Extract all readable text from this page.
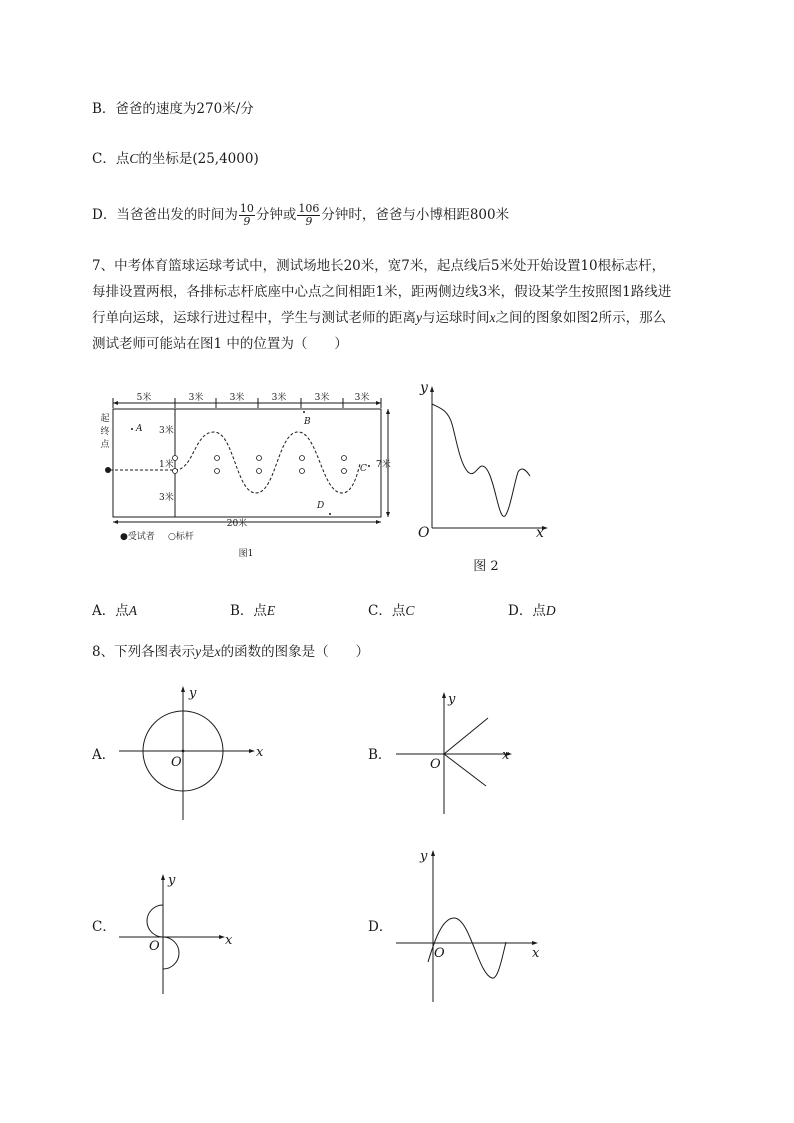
B．爸爸的速度为270米/分
C．点C的坐标是(25,4000)
D．当爸爸出发的时间为 $\frac{10}{9}$ 分钟或 $\frac{106}{9}$ 分钟时，爸爸与小博相距800米
7、中考体育篮球运球考试中，测试场地长20米，宽7米，起点线后5米处开始设置10根标志杆，
每排设置两根，各排标志杆底座中心点之间相距1米，距两侧边线3米，假设某学生按照图1路线进
行单向运球，运球行进过程中，学生与测试老师的距离y与运球时间x之间的图象如图2所示，那么
测试老师可能站在图1 中的位置为（　　）
5米	3米	3米	3米	3米	3米
起
终
点
3米
1米
3米
7米
20米
●受试者 ○标杆
图1
A
B
C
D
y
x
O
图 2
A．点A	B．点E	C．点C	D．点D
8、下列各图表示y是x的函数的图象是（　　）
A．	x
y
O	B．	x
y
O
C．
x
y
O
D．
x
y
O
